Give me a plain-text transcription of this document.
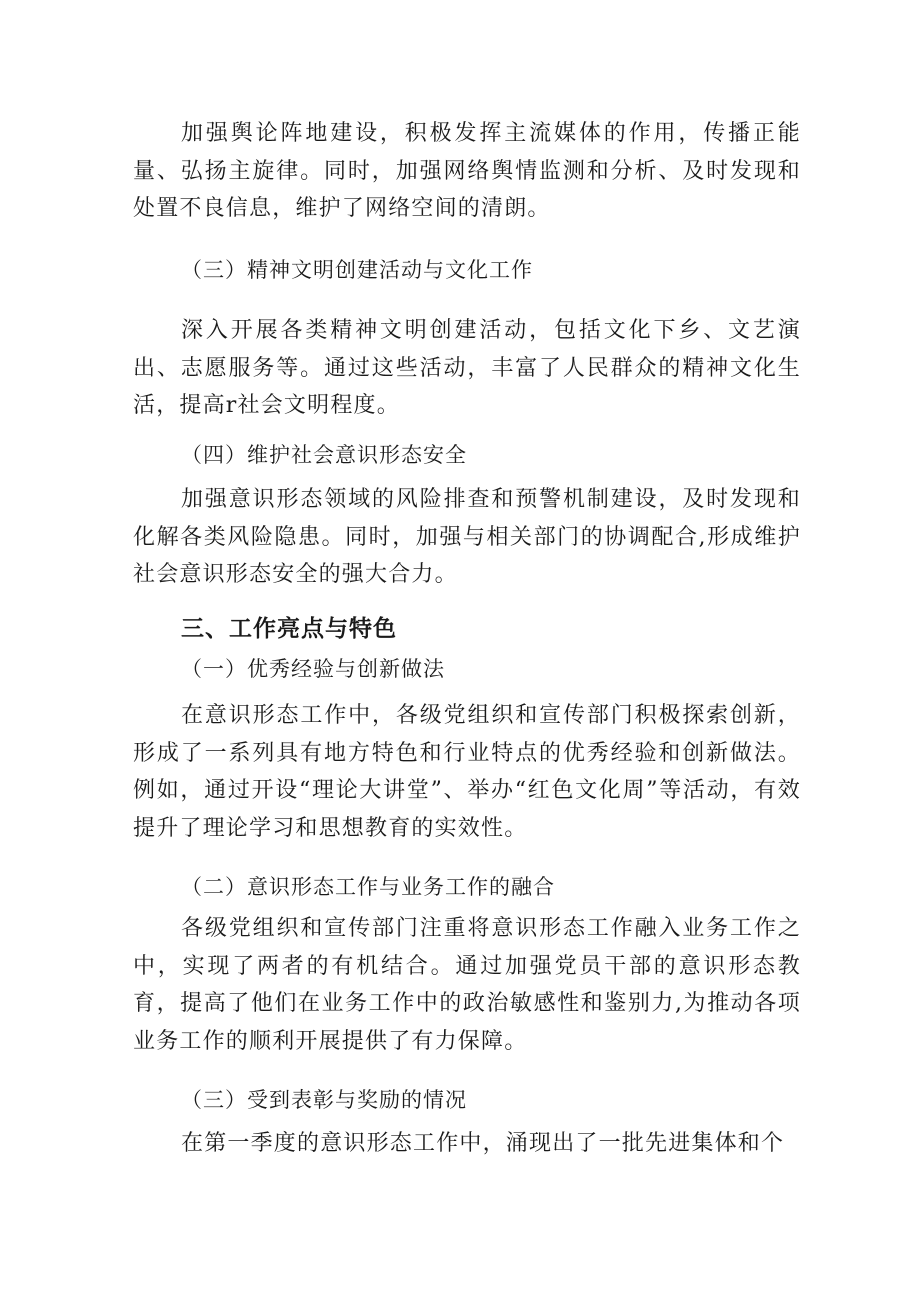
加强舆论阵地建设，积极发挥主流媒体的作用，传播正能量、弘扬主旋律。同时，加强网络舆情监测和分析、及时发现和处置不良信息，维护了网络空间的清朗。

（三）精神文明创建活动与文化工作

深入开展各类精神文明创建活动，包括文化下乡、文艺演出、志愿服务等。通过这些活动，丰富了人民群众的精神文化生活，提高r社会文明程度。

（四）维护社会意识形态安全

加强意识形态领域的风险排查和预警机制建设，及时发现和化解各类风险隐患。同时，加强与相关部门的协调配合,形成维护社会意识形态安全的强大合力。

三、工作亮点与特色
（一）优秀经验与创新做法

在意识形态工作中，各级党组织和宣传部门积极探索创新，形成了一系列具有地方特色和行业特点的优秀经验和创新做法。例如，通过开设“理论大讲堂”、举办“红色文化周”等活动，有效提升了理论学习和思想教育的实效性。

（二）意识形态工作与业务工作的融合

各级党组织和宣传部门注重将意识形态工作融入业务工作之中，实现了两者的有机结合。通过加强党员干部的意识形态教育，提高了他们在业务工作中的政治敏感性和鉴别力,为推动各项业务工作的顺利开展提供了有力保障。

（三）受到表彰与奖励的情况

在第一季度的意识形态工作中，涌现出了一批先进集体和个
